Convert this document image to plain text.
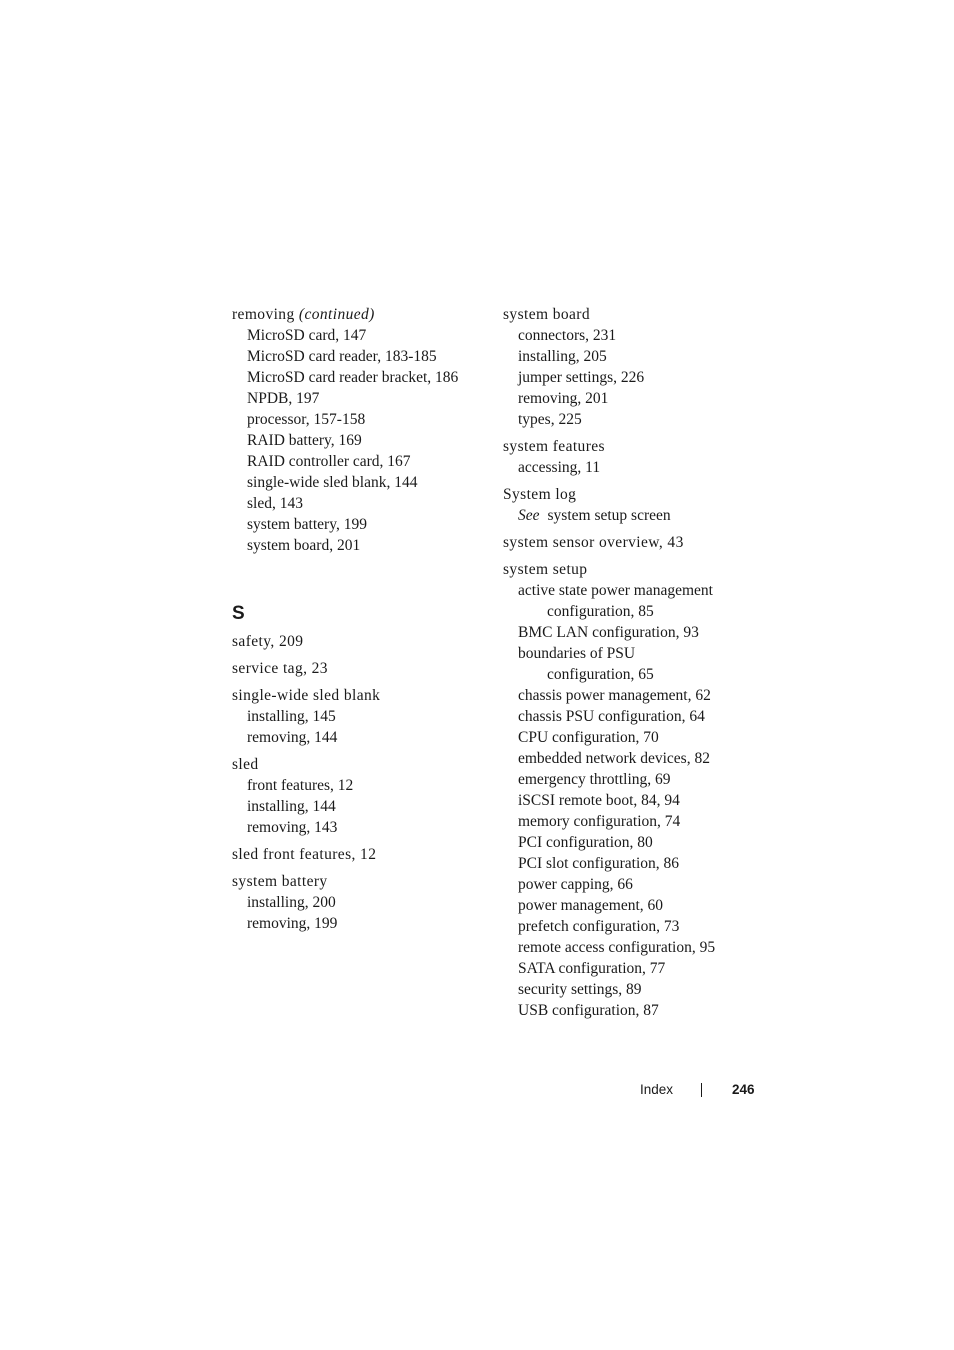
removing (continued)
MicroSD card, 147
MicroSD card reader, 183-185
MicroSD card reader bracket, 186
NPDB, 197
processor, 157-158
RAID battery, 169
RAID controller card, 167
single-wide sled blank, 144
sled, 143
system battery, 199
system board, 201
S
safety, 209
service tag, 23
single-wide sled blank
installing, 145
removing, 144
sled
front features, 12
installing, 144
removing, 143
sled front features, 12
system battery
installing, 200
removing, 199
system board
connectors, 231
installing, 205
jumper settings, 226
removing, 201
types, 225
system features
accessing, 11
System log
See system setup screen
system sensor overview, 43
system setup
active state power management
configuration, 85
BMC LAN configuration, 93
boundaries of PSU
configuration, 65
chassis power management, 62
chassis PSU configuration, 64
CPU configuration, 70
embedded network devices, 82
emergency throttling, 69
iSCSI remote boot, 84, 94
memory configuration, 74
PCI configuration, 80
PCI slot configuration, 86
power capping, 66
power management, 60
prefetch configuration, 73
remote access configuration, 95
SATA configuration, 77
security settings, 89
USB configuration, 87
Index	246
